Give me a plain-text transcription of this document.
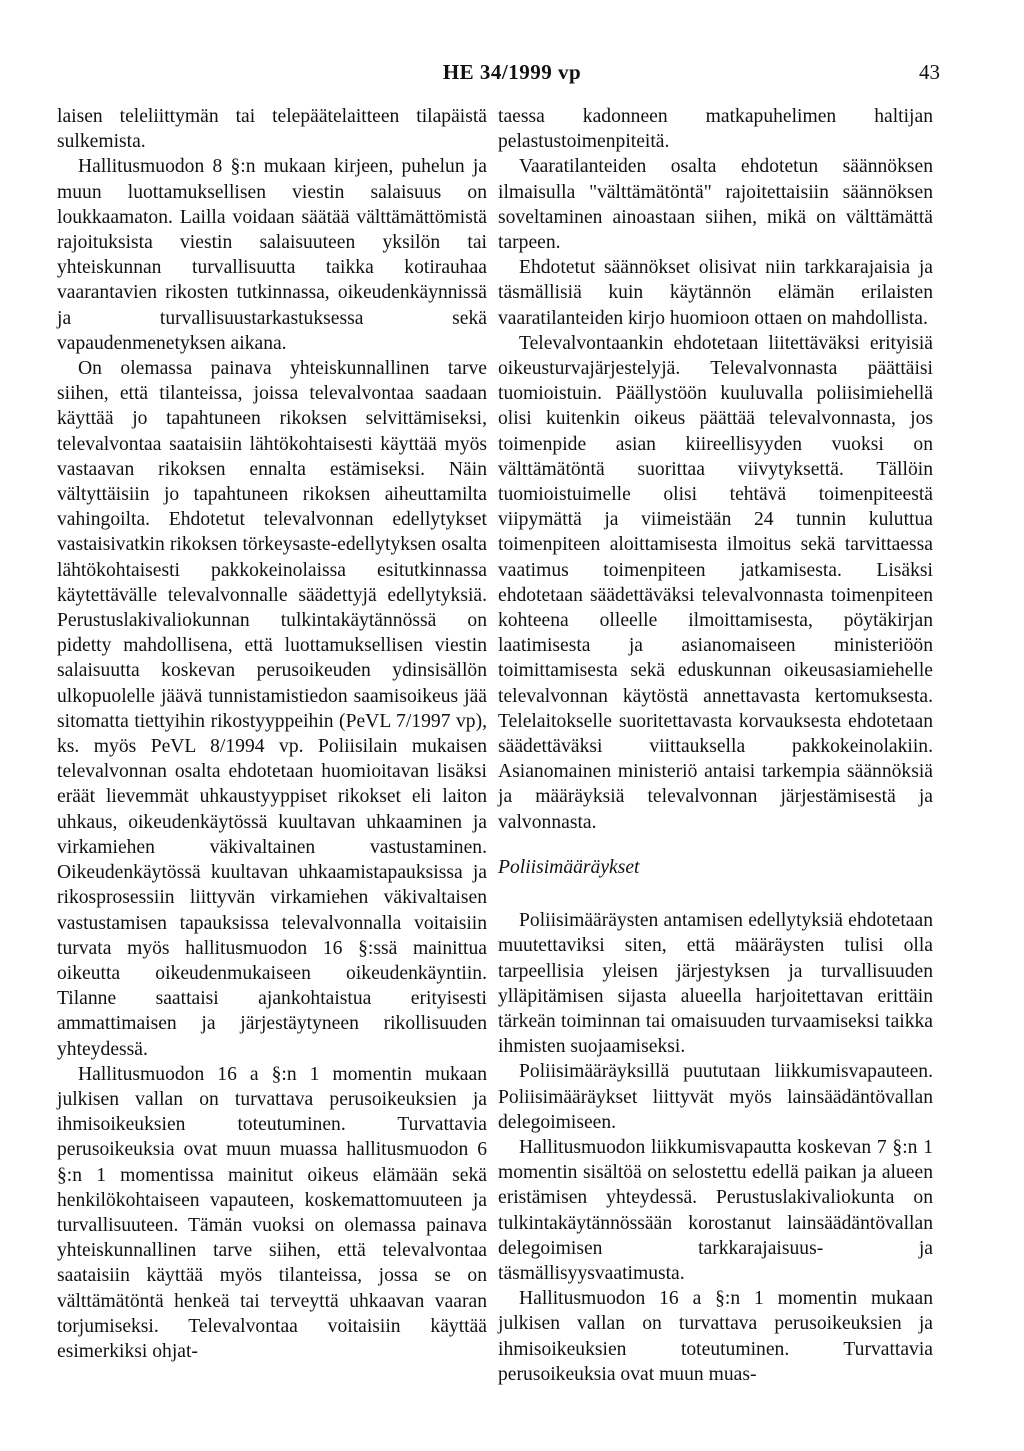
HE 34/1999 vp	43

laisen teleliittymän tai telepäätelaitteen tilapäistä sulkemista.

Hallitusmuodon 8 §:n mukaan kirjeen, puhelun ja muun luottamuksellisen viestin salaisuus on loukkaamaton. Lailla voidaan säätää välttämättömistä rajoituksista viestin salaisuuteen yksilön tai yhteiskunnan turvallisuutta taikka kotirauhaa vaarantavien rikosten tutkinnassa, oikeudenkäynnissä ja turvallisuustarkastuksessa sekä vapaudenmenetyksen aikana.

On olemassa painava yhteiskunnallinen tarve siihen, että tilanteissa, joissa televalvontaa saadaan käyttää jo tapahtuneen rikoksen selvittämiseksi, televalvontaa saataisiin lähtökohtaisesti käyttää myös vastaavan rikoksen ennalta estämiseksi. Näin vältyttäisiin jo tapahtuneen rikoksen aiheuttamilta vahingoilta. Ehdotetut televalvonnan edellytykset vastaisivatkin rikoksen törkeysaste-edellytyksen osalta lähtökohtaisesti pakkokeinolaissa esitutkinnassa käytettävälle televalvonnalle säädettyjä edellytyksiä. Perustuslakivaliokunnan tulkintakäytännössä on pidetty mahdollisena, että luottamuksellisen viestin salaisuutta koskevan perusoikeuden ydinsisällön ulkopuolelle jäävä tunnistamistiedon saamisoikeus jää sitomatta tiettyihin rikostyyppeihin (PeVL 7/1997 vp), ks. myös PeVL 8/1994 vp. Poliisilain mukaisen televalvonnan osalta ehdotetaan huomioitavan lisäksi eräät lievemmät uhkaustyyppiset rikokset eli laiton uhkaus, oikeudenkäytössä kuultavan uhkaaminen ja virkamiehen väkivaltainen vastustaminen. Oikeudenkäytössä kuultavan uhkaamistapauksissa ja rikosprosessiin liittyvän virkamiehen väkivaltaisen vastustamisen tapauksissa televalvonnalla voitaisiin turvata myös hallitusmuodon 16 §:ssä mainittua oikeutta oikeudenmukaiseen oikeudenkäyntiin. Tilanne saattaisi ajankohtaistua erityisesti ammattimaisen ja järjestäytyneen rikollisuuden yhteydessä.

Hallitusmuodon 16 a §:n 1 momentin mukaan julkisen vallan on turvattava perusoikeuksien ja ihmisoikeuksien toteutuminen. Turvattavia perusoikeuksia ovat muun muassa hallitusmuodon 6 §:n 1 momentissa mainitut oikeus elämään sekä henkilökohtaiseen vapauteen, koskemattomuuteen ja turvallisuuteen. Tämän vuoksi on olemassa painava yhteiskunnallinen tarve siihen, että televalvontaa saataisiin käyttää myös tilanteissa, jossa se on välttämätöntä henkeä tai terveyttä uhkaavan vaaran torjumiseksi. Televalvontaa voitaisiin käyttää esimerkiksi ohjat-

taessa kadonneen matkapuhelimen haltijan pelastustoimenpiteitä.

Vaaratilanteiden osalta ehdotetun säännöksen ilmaisulla "välttämätöntä" rajoitettaisiin säännöksen soveltaminen ainoastaan siihen, mikä on välttämättä tarpeen.

Ehdotetut säännökset olisivat niin tarkkarajaisia ja täsmällisiä kuin käytännön elämän erilaisten vaaratilanteiden kirjo huomioon ottaen on mahdollista.

Televalvontaankin ehdotetaan liitettäväksi erityisiä oikeusturvajärjestelyjä. Televalvonnasta päättäisi tuomioistuin. Päällystöön kuuluvalla poliisimiehellä olisi kuitenkin oikeus päättää televalvonnasta, jos toimenpide asian kiireellisyyden vuoksi on välttämätöntä suorittaa viivytyksettä. Tällöin tuomioistuimelle olisi tehtävä toimenpiteestä viipymättä ja viimeistään 24 tunnin kuluttua toimenpiteen aloittamisesta ilmoitus sekä tarvittaessa vaatimus toimenpiteen jatkamisesta. Lisäksi ehdotetaan säädettäväksi televalvonnasta toimenpiteen kohteena olleelle ilmoittamisesta, pöytäkirjan laatimisesta ja asianomaiseen ministeriöön toimittamisesta sekä eduskunnan oikeusasiamiehelle televalvonnan käytöstä annettavasta kertomuksesta. Telelaitokselle suoritettavasta korvauksesta ehdotetaan säädettäväksi viittauksella pakkokeinolakiin. Asianomainen ministeriö antaisi tarkempia säännöksiä ja määräyksiä televalvonnan järjestämisestä ja valvonnasta.

Poliisimääräykset

Poliisimääräysten antamisen edellytyksiä ehdotetaan muutettaviksi siten, että määräysten tulisi olla tarpeellisia yleisen järjestyksen ja turvallisuuden ylläpitämisen sijasta alueella harjoitettavan erittäin tärkeän toiminnan tai omaisuuden turvaamiseksi taikka ihmisten suojaamiseksi.

Poliisimääräyksillä puututaan liikkumisvapauteen. Poliisimääräykset liittyvät myös lainsäädäntövallan delegoimiseen.

Hallitusmuodon liikkumisvapautta koskevan 7 §:n 1 momentin sisältöä on selostettu edellä paikan ja alueen eristämisen yhteydessä. Perustuslakivaliokunta on tulkintakäytännössään korostanut lainsäädäntövallan delegoimisen tarkkarajaisuus- ja täsmällisyysvaatimusta.

Hallitusmuodon 16 a §:n 1 momentin mukaan julkisen vallan on turvattava perusoikeuksien ja ihmisoikeuksien toteutuminen. Turvattavia perusoikeuksia ovat muun muas-
